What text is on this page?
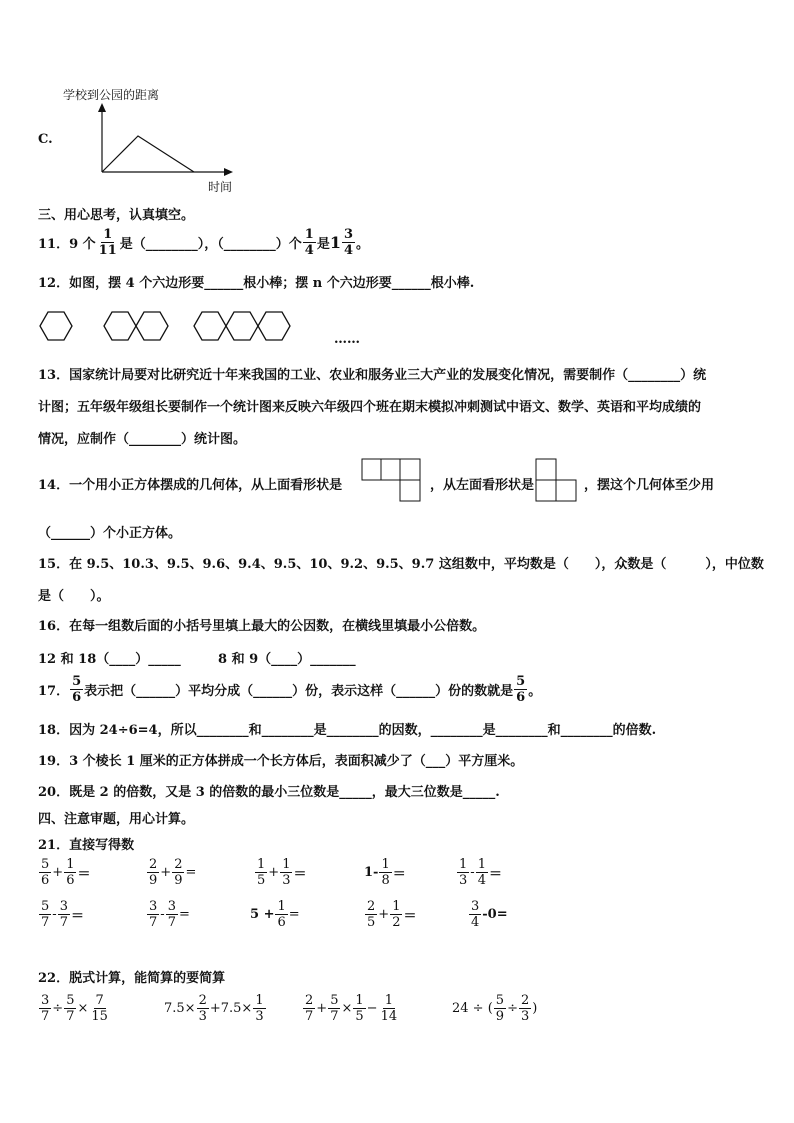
C.
学校到公园的距离
时间
三、用心思考，认真填空。
11． 9 个 $\frac{1}{11}$ 是（________），（________）个 $\frac{1}{4}$ 是 $1 \frac{3}{4}$ 。
12．如图，摆 4 个六边形要______根小棒；摆 n 个六边形要______根小棒.
……
13．国家统计局要对比研究近十年来我国的工业、农业和服务业三大产业的发展变化情况，需要制作（________）统
计图；五年级年级组长要制作一个统计图来反映六年级四个班在期末模拟冲刺测试中语文、数学、英语和平均成绩的
情况，应制作（________）统计图。
14．一个用小正方体摆成的几何体，从上面看形状是	，从左面看形状是	，摆这个几何体至少用
（______）个小正方体。
15．在 9.5、10.3、9.5、9.6、9.4、9.5、10、9.2、9.5、9.7 这组数中，平均数是（　　），众数是（　　　），中位数
是（　　）。
16．在每一组数后面的小括号里填上最大的公因数，在横线里填最小公倍数。
12 和 18（____）_____	8 和 9（____）_______
17． $\frac{5}{6}$ 表示把（______）平均分成（______）份，表示这样（______）份的数就是 $\frac{5}{6}$ 。
18．因为 24÷6=4，所以________和________是________的因数，________是________和________的倍数.
19．3 个棱长 1 厘米的正方体拼成一个长方体后，表面积减少了（___）平方厘米。
20．既是 2 的倍数，又是 3 的倍数的最小三位数是_____，最大三位数是_____.
四、注意审题，用心计算。
21．直接写得数
$\frac{5}{6} + \frac{1}{6}$ ＝	$\frac{2}{9} + \frac{2}{9}$ =	$\frac{1}{5} + \frac{1}{3}$ ＝	$1- \frac{1}{8}$ ＝	$\frac{1}{3} - \frac{1}{4}$ ＝
$\frac{5}{7} - \frac{3}{7}$ ＝	$\frac{3}{7} - \frac{3}{7}$ =	$5 + \frac{1}{6}$ =	$\frac{2}{5} + \frac{1}{2}$ ＝	$\frac{3}{4} -0=$
22．脱式计算，能简算的要简算
$\frac{3}{7} \div \frac{5}{7} \times \frac{7}{15}$	$7.5\times \frac{2}{3} +7.5\times \frac{1}{3}$	$\frac{2}{7} + \frac{5}{7} \times \frac{1}{5} - \frac{1}{14}$	24 ÷ ( $\frac{5}{9} \div \frac{2}{3}$ )
